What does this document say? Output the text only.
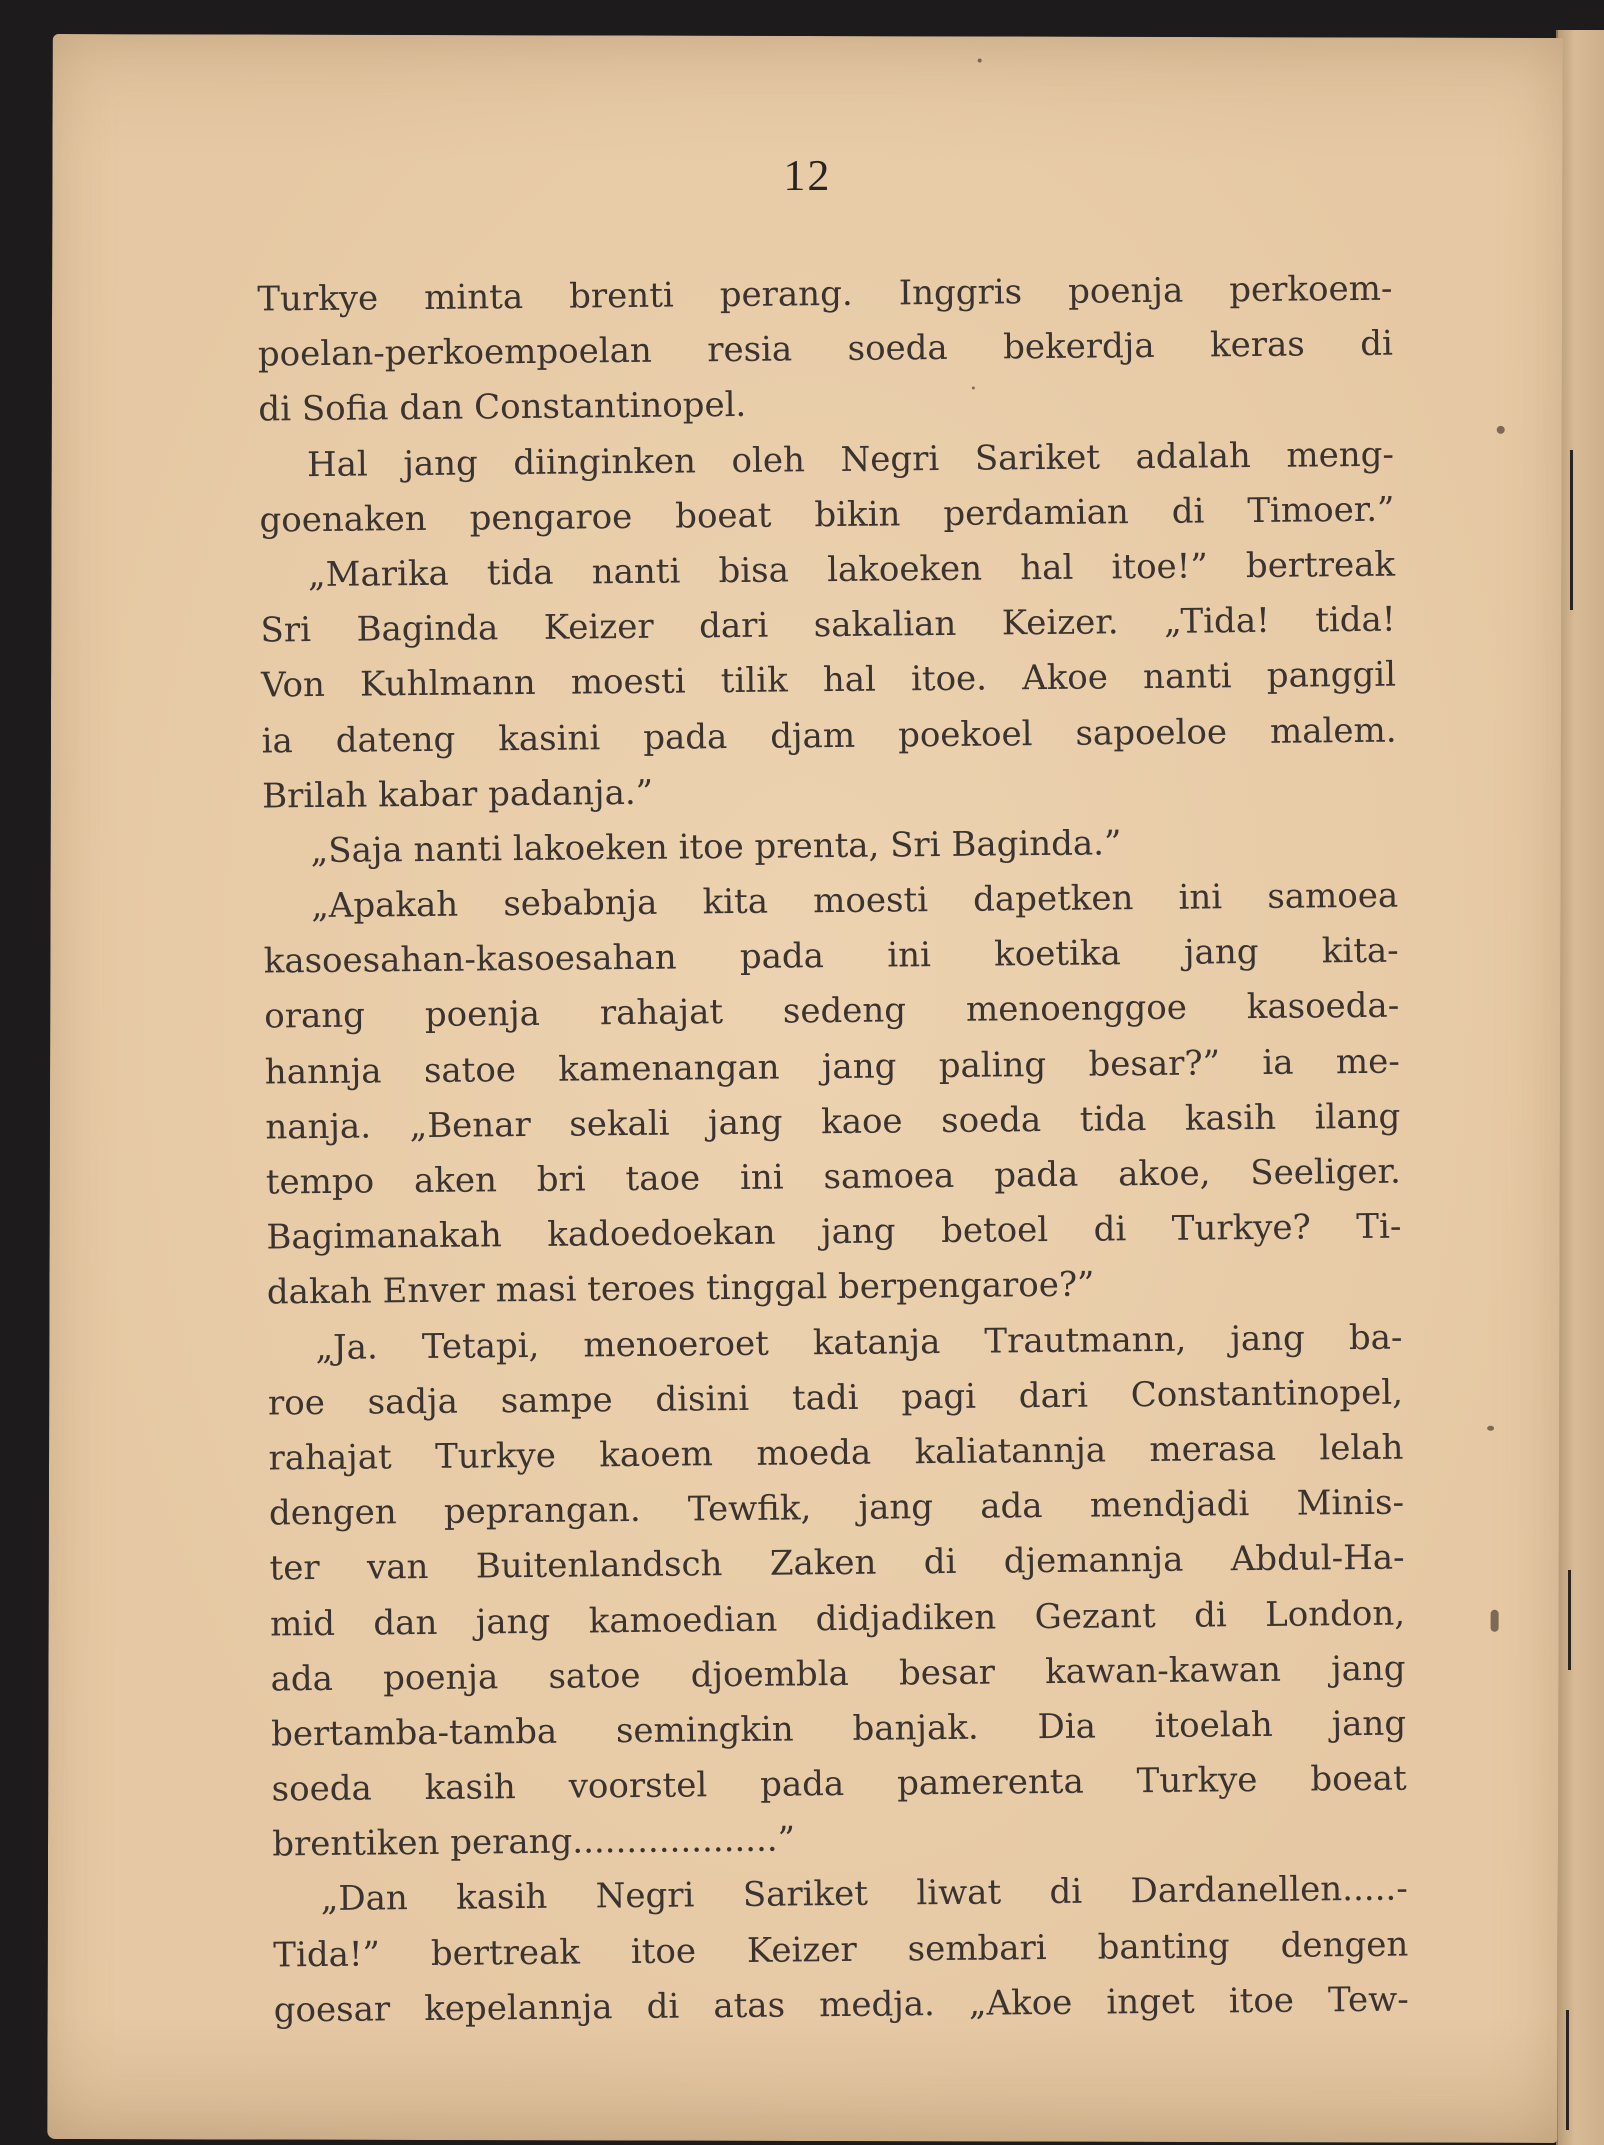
12
Turkye minta brenti perang. Inggris poenja perkoem-
poelan-perkoempoelan resia soeda bekerdja keras di
di Sofia dan Constantinopel.
Hal jang diinginken oleh Negri Sariket adalah meng-
goenaken pengaroe boeat bikin perdamian di Timoer.”
„Marika tida nanti bisa lakoeken hal itoe!” bertreak
Sri Baginda Keizer dari sakalian Keizer. „Tida! tida!
Von Kuhlmann moesti tilik hal itoe. Akoe nanti panggil
ia dateng kasini pada djam poekoel sapoeloe malem.
Brilah kabar padanja.”
„Saja nanti lakoeken itoe prenta, Sri Baginda.”
„Apakah sebabnja kita moesti dapetken ini samoea
kasoesahan-kasoesahan pada ini koetika jang kita-
orang poenja rahajat sedeng menoenggoe kasoeda-
hannja satoe kamenangan jang paling besar?” ia me-
nanja. „Benar sekali jang kaoe soeda tida kasih ilang
tempo aken bri taoe ini samoea pada akoe, Seeliger.
Bagimanakah kadoedoekan jang betoel di Turkye? Ti-
dakah Enver masi teroes tinggal berpengaroe?”
„Ja. Tetapi, menoeroet katanja Trautmann, jang ba-
roe sadja sampe disini tadi pagi dari Constantinopel,
rahajat Turkye kaoem moeda kaliatannja merasa lelah
dengen peprangan. Tewfik, jang ada mendjadi Minis-
ter van Buitenlandsch Zaken di djemannja Abdul-Ha-
mid dan jang kamoedian didjadiken Gezant di London,
ada poenja satoe djoembla besar kawan-kawan jang
bertamba-tamba semingkin banjak. Dia itoelah jang
soeda kasih voorstel pada pamerenta Turkye boeat
brentiken perang...................”
„Dan kasih Negri Sariket liwat di Dardanellen.....-
Tida!” bertreak itoe Keizer sembari banting dengen
goesar kepelannja di atas medja. „Akoe inget itoe Tew-
